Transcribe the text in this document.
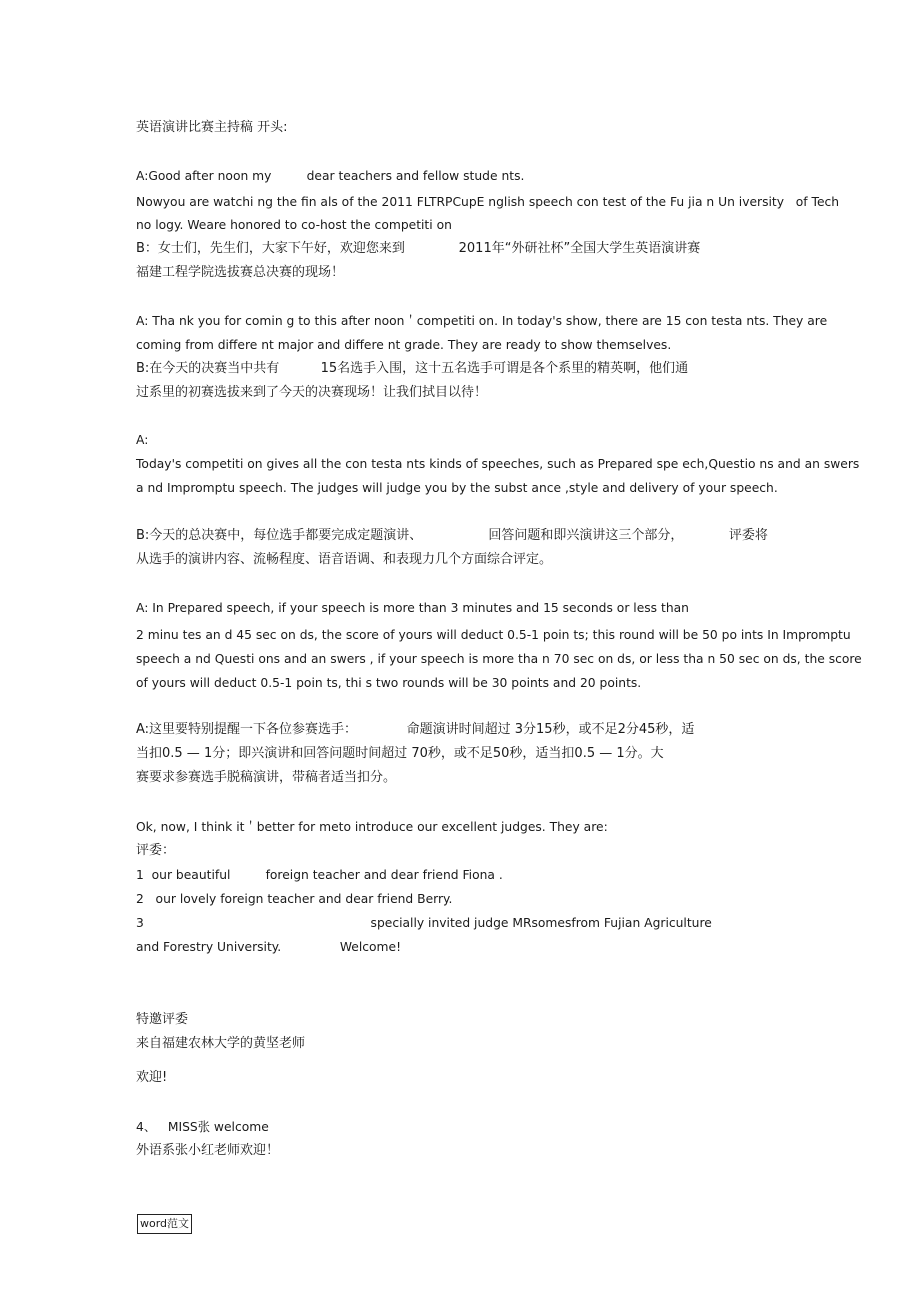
英语演讲比赛主持稿 开头:
A:Good after noon my         dear teachers and fellow stude nts.
Nowyou are watchi ng the fin als of the 2011 FLTRPCupE nglish speech con test of the Fu jia n Un iversity   of Tech
no logy. Weare honored to co-host the competiti on
B：女士们，先生们，大家下午好，欢迎您来到             2011年“外研社杯”全国大学生英语演讲赛
福建工程学院选拔赛总决赛的现场！
A: Tha nk you for comin g to this after noon＇competiti on. In today's show, there are 15 con testa nts. They are
coming from differe nt major and differe nt grade. They are ready to show themselves.
B:在今天的决赛当中共有          15名选手入围，这十五名选手可谓是各个系里的精英啊，他们通
过系里的初赛选拔来到了今天的决赛现场！让我们拭目以待！
A:
Today's competiti on gives all the con testa nts kinds of speeches, such as Prepared spe ech,Questio ns and an swers
a nd Impromptu speech. The judges will judge you by the subst ance ,style and delivery of your speech.
B:今天的总决赛中，每位选手都要完成定题演讲、                回答问题和即兴演讲这三个部分，           评委将
从选手的演讲内容、流畅程度、语音语调、和表现力几个方面综合评定。
A: In Prepared speech, if your speech is more than 3 minutes and 15 seconds or less than
2 minu tes an d 45 sec on ds, the score of yours will deduct 0.5-1 poin ts; this round will be 50 po ints In Impromptu
speech a nd Questi ons and an swers , if your speech is more tha n 70 sec on ds, or less tha n 50 sec on ds, the score
of yours will deduct 0.5-1 poin ts, thi s two rounds will be 30 points and 20 points.
A:这里要特别提醒一下各位参赛选手：            命题演讲时间超过 3分15秒，或不足2分45秒，适
当扣0.5 — 1分；即兴演讲和回答问题时间超过 70秒，或不足50秒，适当扣0.5 — 1分。大
赛要求参赛选手脱稿演讲，带稿者适当扣分。
Ok, now, I think it＇better for meto introduce our excellent judges. They are:
评委：
1  our beautiful         foreign teacher and dear friend Fiona .
2   our lovely foreign teacher and dear friend Berry.
3                                                          specially invited judge MRsomesfrom Fujian Agriculture
and Forestry University.               Welcome!
特邀评委
来自福建农林大学的黄坚老师
欢迎!
4、   MISS张 welcome
外语系张小红老师欢迎！
word范文
